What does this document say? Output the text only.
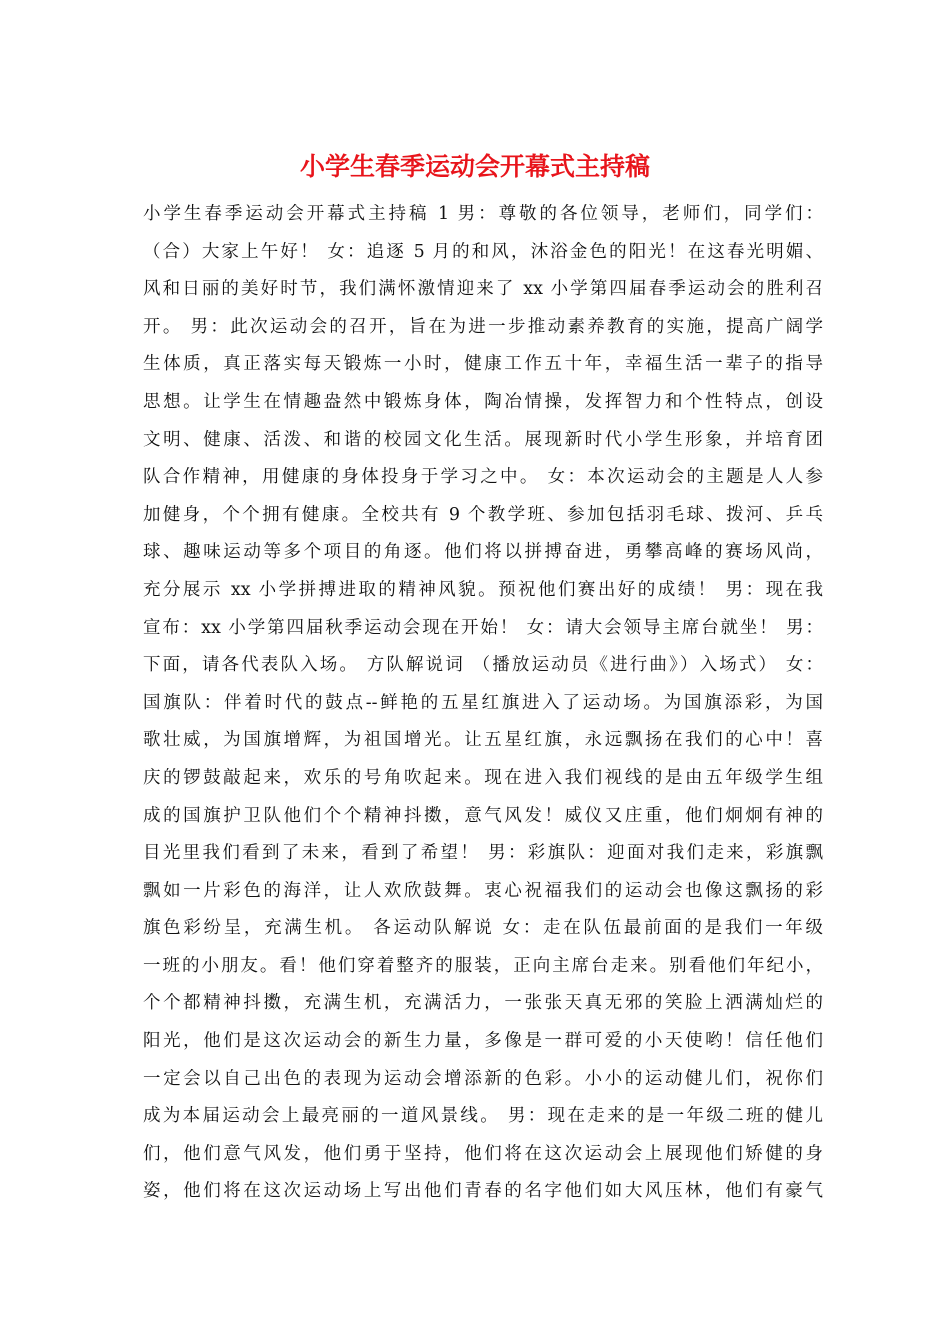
小学生春季运动会开幕式主持稿
小学生春季运动会开幕式主持稿 1 男：尊敬的各位领导，老师们，同学们：
（合）大家上午好！ 女：追逐 5 月的和风，沐浴金色的阳光！在这春光明媚、
风和日丽的美好时节，我们满怀激情迎来了 xx 小学第四届春季运动会的胜利召
开。 男：此次运动会的召开，旨在为进一步推动素养教育的实施，提高广阔学
生体质，真正落实每天锻炼一小时，健康工作五十年，幸福生活一辈子的指导
思想。让学生在情趣盎然中锻炼身体，陶冶情操，发挥智力和个性特点，创设
文明、健康、活泼、和谐的校园文化生活。展现新时代小学生形象，并培育团
队合作精神，用健康的身体投身于学习之中。 女：本次运动会的主题是人人参
加健身，个个拥有健康。全校共有 9 个教学班、参加包括羽毛球、拨河、乒乓
球、趣味运动等多个项目的角逐。他们将以拼搏奋进，勇攀高峰的赛场风尚，
充分展示 xx 小学拼搏进取的精神风貌。预祝他们赛出好的成绩！ 男：现在我
宣布：xx 小学第四届秋季运动会现在开始！ 女：请大会领导主席台就坐！ 男：
下面，请各代表队入场。 方队解说词 （播放运动员《进行曲》）入场式） 女：
国旗队：伴着时代的鼓点--鲜艳的五星红旗进入了运动场。为国旗添彩，为国
歌壮威，为国旗增辉，为祖国增光。让五星红旗，永远飘扬在我们的心中！喜
庆的锣鼓敲起来，欢乐的号角吹起来。现在进入我们视线的是由五年级学生组
成的国旗护卫队他们个个精神抖擞，意气风发！威仪又庄重，他们炯炯有神的
目光里我们看到了未来，看到了希望！ 男：彩旗队：迎面对我们走来，彩旗飘
飘如一片彩色的海洋，让人欢欣鼓舞。衷心祝福我们的运动会也像这飘扬的彩
旗色彩纷呈，充满生机。 各运动队解说 女：走在队伍最前面的是我们一年级
一班的小朋友。看！他们穿着整齐的服装，正向主席台走来。别看他们年纪小，
个个都精神抖擞，充满生机，充满活力，一张张天真无邪的笑脸上洒满灿烂的
阳光，他们是这次运动会的新生力量，多像是一群可爱的小天使哟！信任他们
一定会以自己出色的表现为运动会增添新的色彩。小小的运动健儿们，祝你们
成为本届运动会上最亮丽的一道风景线。 男：现在走来的是一年级二班的健儿
们，他们意气风发，他们勇于坚持，他们将在这次运动会上展现他们矫健的身
姿，他们将在这次运动场上写出他们青春的名字他们如大风压林，他们有豪气
